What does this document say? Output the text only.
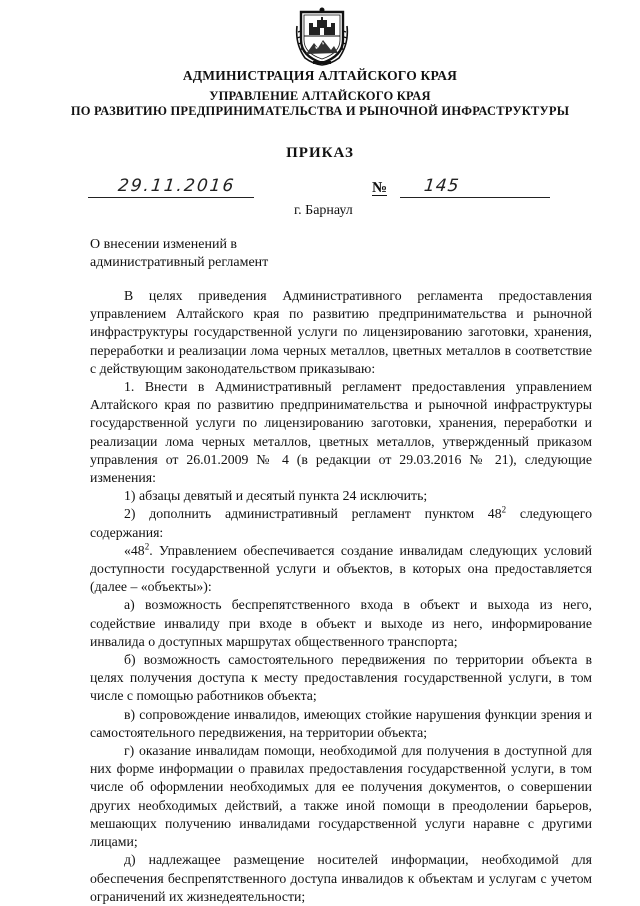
АДМИНИСТРАЦИЯ АЛТАЙСКОГО КРАЯ
УПРАВЛЕНИЕ АЛТАЙСКОГО КРАЯ
ПО РАЗВИТИЮ ПРЕДПРИНИМАТЕЛЬСТВА И РЫНОЧНОЙ ИНФРАСТРУКТУРЫ
ПРИКАЗ
29.11.2016	№ 145
г. Барнаул
О внесении изменений в
административный регламент

В целях приведения Административного регламента предоставления управлением Алтайского края по развитию предпринимательства и рыночной инфраструктуры государственной услуги по лицензированию заготовки, хранения, переработки и реализации лома черных металлов, цветных металлов в соответствие с действующим законодательством приказываю:

1. Внести в Административный регламент предоставления управлением Алтайского края по развитию предпринимательства и рыночной инфраструктуры государственной услуги по лицензированию заготовки, хранения, переработки и реализации лома черных металлов, цветных металлов, утвержденный приказом управления от 26.01.2009 № 4 (в редакции от 29.03.2016 № 21), следующие изменения:

1) абзацы девятый и десятый пункта 24 исключить;

2) дополнить административный регламент пунктом $48^2$ следующего содержания:

«$48^2$. Управлением обеспечивается создание инвалидам следующих условий доступности государственной услуги и объектов, в которых она предоставляется (далее – «объекты»):

а) возможность беспрепятственного входа в объект и выхода из него, содействие инвалиду при входе в объект и выходе из него, информирование инвалида о доступных маршрутах общественного транспорта;

б) возможность самостоятельного передвижения по территории объекта в целях получения доступа к месту предоставления государственной услуги, в том числе с помощью работников объекта;

в) сопровождение инвалидов, имеющих стойкие нарушения функции зрения и самостоятельного передвижения, на территории объекта;

г) оказание инвалидам помощи, необходимой для получения в доступной для них форме информации о правилах предоставления государственной услуги, в том числе об оформлении необходимых для ее получения документов, о совершении других необходимых действий, а также иной помощи в преодолении барьеров, мешающих получению инвалидами государственной услуги наравне с другими лицами;

д) надлежащее размещение носителей информации, необходимой для обеспечения беспрепятственного доступа инвалидов к объектам и услугам с учетом ограничений их жизнедеятельности;
